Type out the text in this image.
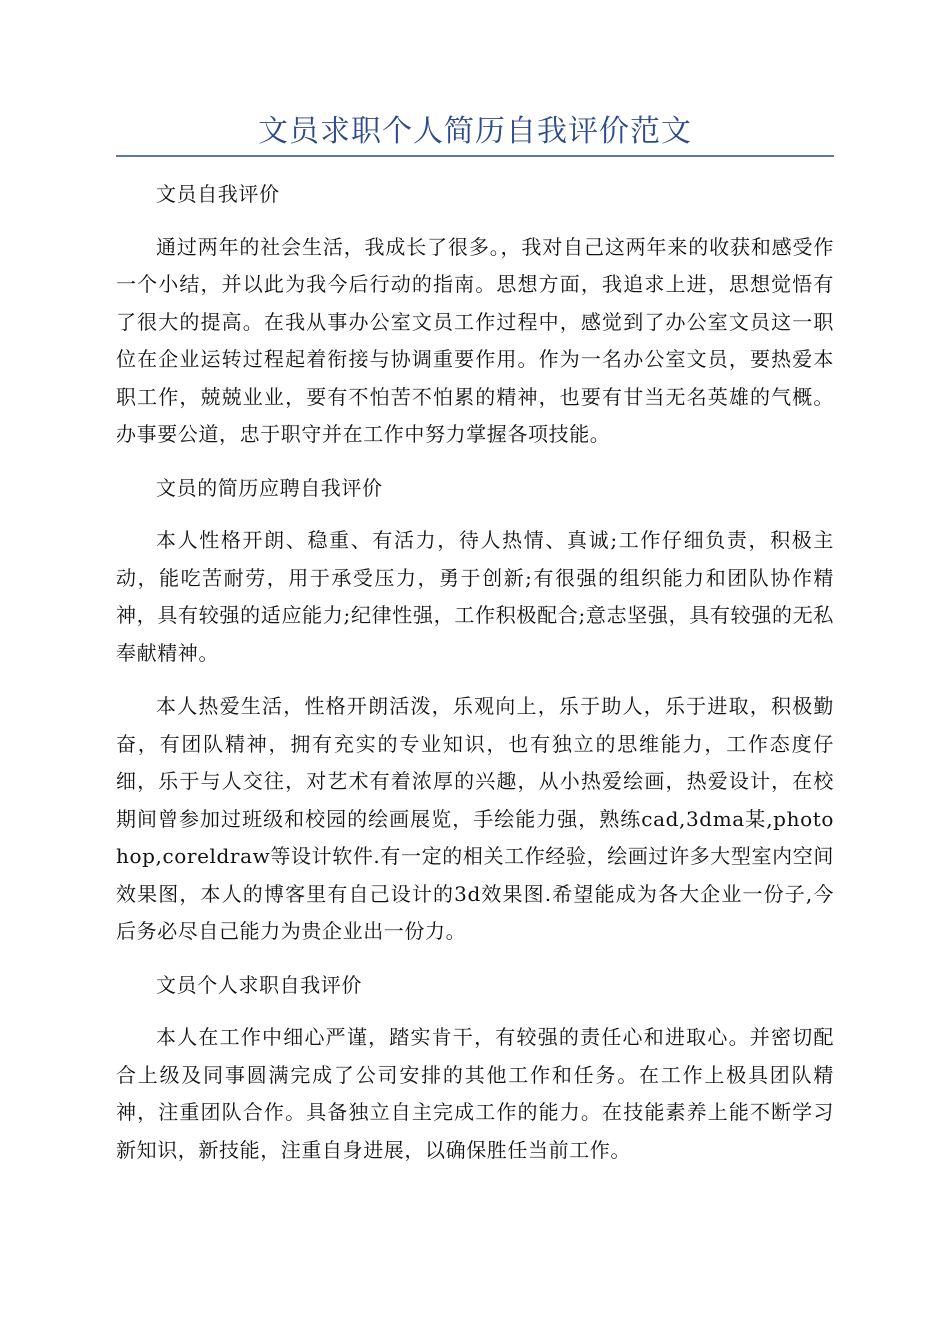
文员求职个人简历自我评价范文

文员自我评价

通过两年的社会生活，我成长了很多。，我对自己这两年来的收获和感受作一个小结，并以此为我今后行动的指南。思想方面，我追求上进，思想觉悟有了很大的提高。在我从事办公室文员工作过程中，感觉到了办公室文员这一职位在企业运转过程起着衔接与协调重要作用。作为一名办公室文员，要热爱本职工作，兢兢业业，要有不怕苦不怕累的精神，也要有甘当无名英雄的气概。办事要公道，忠于职守并在工作中努力掌握各项技能。

文员的简历应聘自我评价

本人性格开朗、稳重、有活力，待人热情、真诚;工作仔细负责，积极主动，能吃苦耐劳，用于承受压力，勇于创新;有很强的组织能力和团队协作精神，具有较强的适应能力;纪律性强，工作积极配合;意志坚强，具有较强的无私奉献精神。

本人热爱生活，性格开朗活泼，乐观向上，乐于助人，乐于进取，积极勤奋，有团队精神，拥有充实的专业知识，也有独立的思维能力，工作态度仔细，乐于与人交往，对艺术有着浓厚的兴趣，从小热爱绘画，热爱设计，在校期间曾参加过班级和校园的绘画展览，手绘能力强，熟练cad,3dma某,photohop,coreldraw等设计软件.有一定的相关工作经验，绘画过许多大型室内空间效果图，本人的博客里有自己设计的3d效果图.希望能成为各大企业一份子,今后务必尽自己能力为贵企业出一份力。

文员个人求职自我评价

本人在工作中细心严谨，踏实肯干，有较强的责任心和进取心。并密切配合上级及同事圆满完成了公司安排的其他工作和任务。在工作上极具团队精神，注重团队合作。具备独立自主完成工作的能力。在技能素养上能不断学习新知识，新技能，注重自身进展，以确保胜任当前工作。
